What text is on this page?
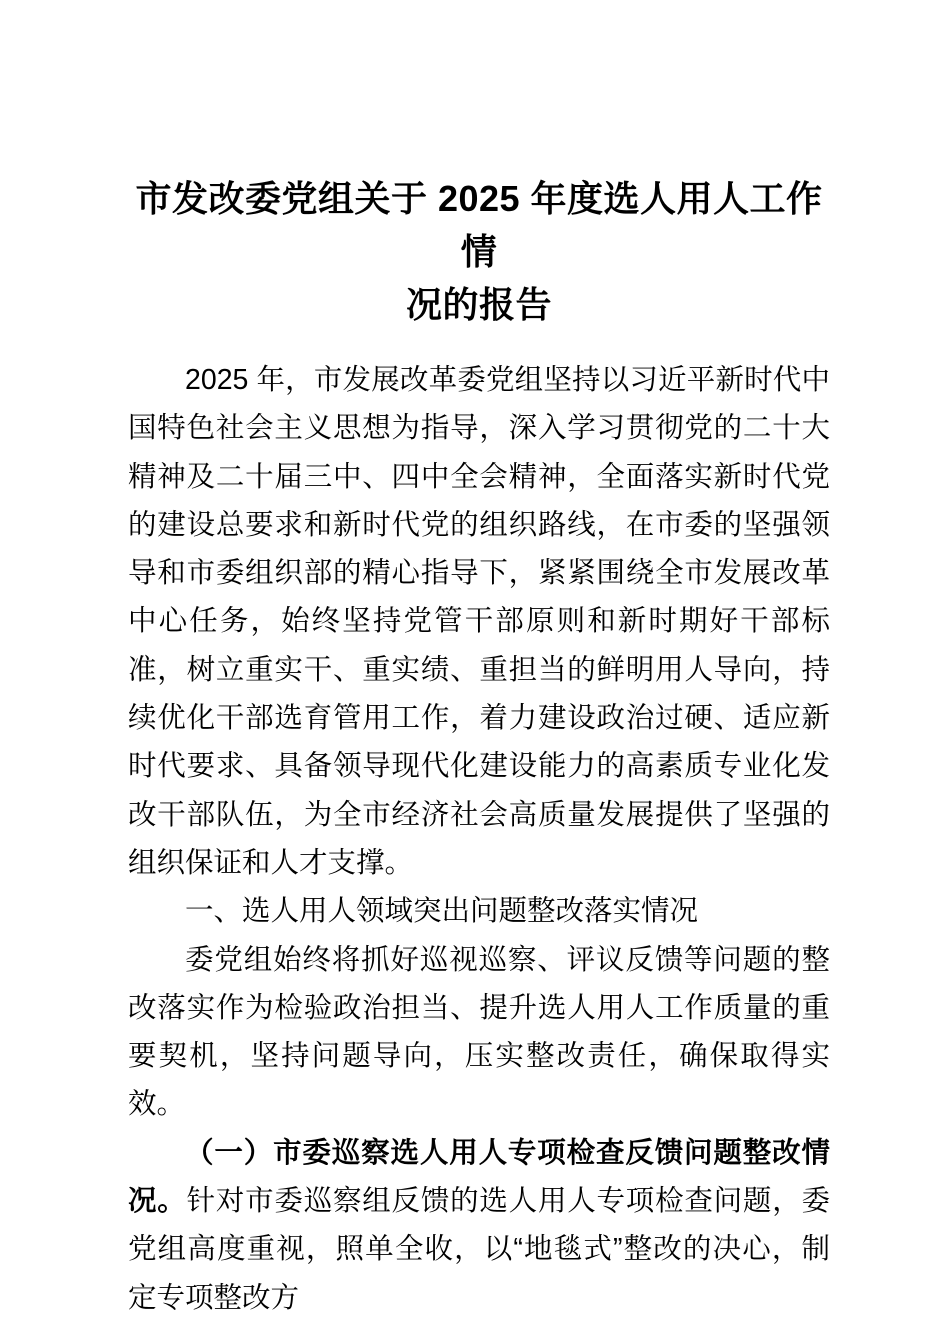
市发改委党组关于 2025 年度选人用人工作情
况的报告

2025 年，市发展改革委党组坚持以习近平新时代中国特色社会主义思想为指导，深入学习贯彻党的二十大精神及二十届三中、四中全会精神，全面落实新时代党的建设总要求和新时代党的组织路线，在市委的坚强领导和市委组织部的精心指导下，紧紧围绕全市发展改革中心任务，始终坚持党管干部原则和新时期好干部标准，树立重实干、重实绩、重担当的鲜明用人导向，持续优化干部选育管用工作，着力建设政治过硬、适应新时代要求、具备领导现代化建设能力的高素质专业化发改干部队伍，为全市经济社会高质量发展提供了坚强的组织保证和人才支撑。

一、选人用人领域突出问题整改落实情况

委党组始终将抓好巡视巡察、评议反馈等问题的整改落实作为检验政治担当、提升选人用人工作质量的重要契机，坚持问题导向，压实整改责任，确保取得实效。

（一）市委巡察选人用人专项检查反馈问题整改情况。针对市委巡察组反馈的选人用人专项检查问题，委党组高度重视，照单全收，以“地毯式”整改的决心，制定专项整改方
